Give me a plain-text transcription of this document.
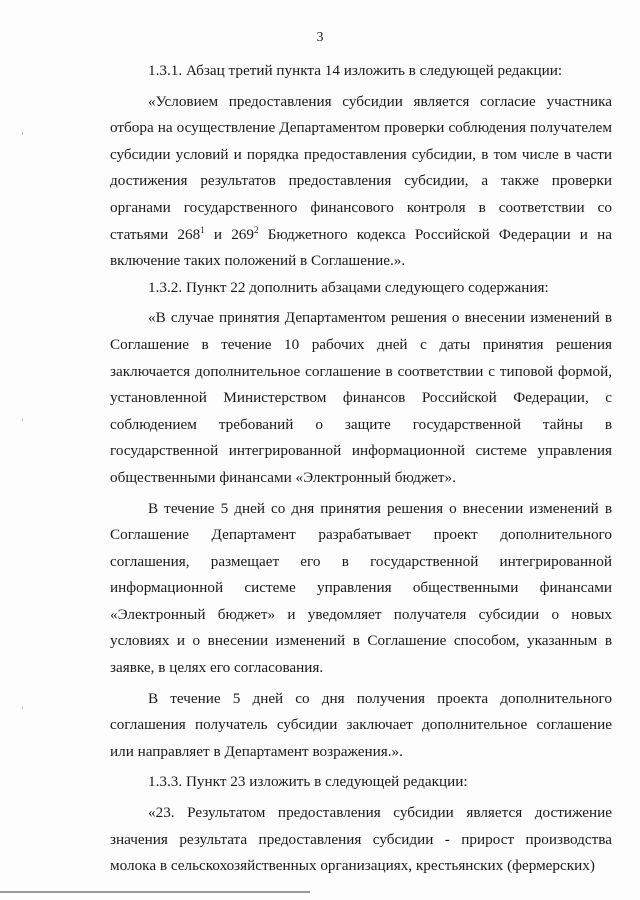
3

1.3.1. Абзац третий пункта 14 изложить в следующей редакции:

«Условием предоставления субсидии является согласие участника отбора на осуществление Департаментом проверки соблюдения получателем субсидии условий и порядка предоставления субсидии, в том числе в части достижения результатов предоставления субсидии, а также проверки органами государственного финансового контроля в соответствии со статьями $268^1$ и $269^2$ Бюджетного кодекса Российской Федерации и на включение таких положений в Соглашение.».

1.3.2. Пункт 22 дополнить абзацами следующего содержания:

«В случае принятия Департаментом решения о внесении изменений в Соглашение в течение 10 рабочих дней с даты принятия решения заключается дополнительное соглашение в соответствии с типовой формой, установленной Министерством финансов Российской Федерации, с соблюдением требований о защите государственной тайны в государственной интегрированной информационной системе управления общественными финансами «Электронный бюджет».

В течение 5 дней со дня принятия решения о внесении изменений в Соглашение Департамент разрабатывает проект дополнительного соглашения, размещает его в государственной интегрированной информационной системе управления общественными финансами «Электронный бюджет» и уведомляет получателя субсидии о новых условиях и о внесении изменений в Соглашение способом, указанным в заявке, в целях его согласования.

В течение 5 дней со дня получения проекта дополнительного соглашения получатель субсидии заключает дополнительное соглашение или направляет в Департамент возражения.».

1.3.3. Пункт 23 изложить в следующей редакции:

«23. Результатом предоставления субсидии является достижение значения результата предоставления субсидии - прирост производства молока в сельскохозяйственных организациях, крестьянских (фермерских)
